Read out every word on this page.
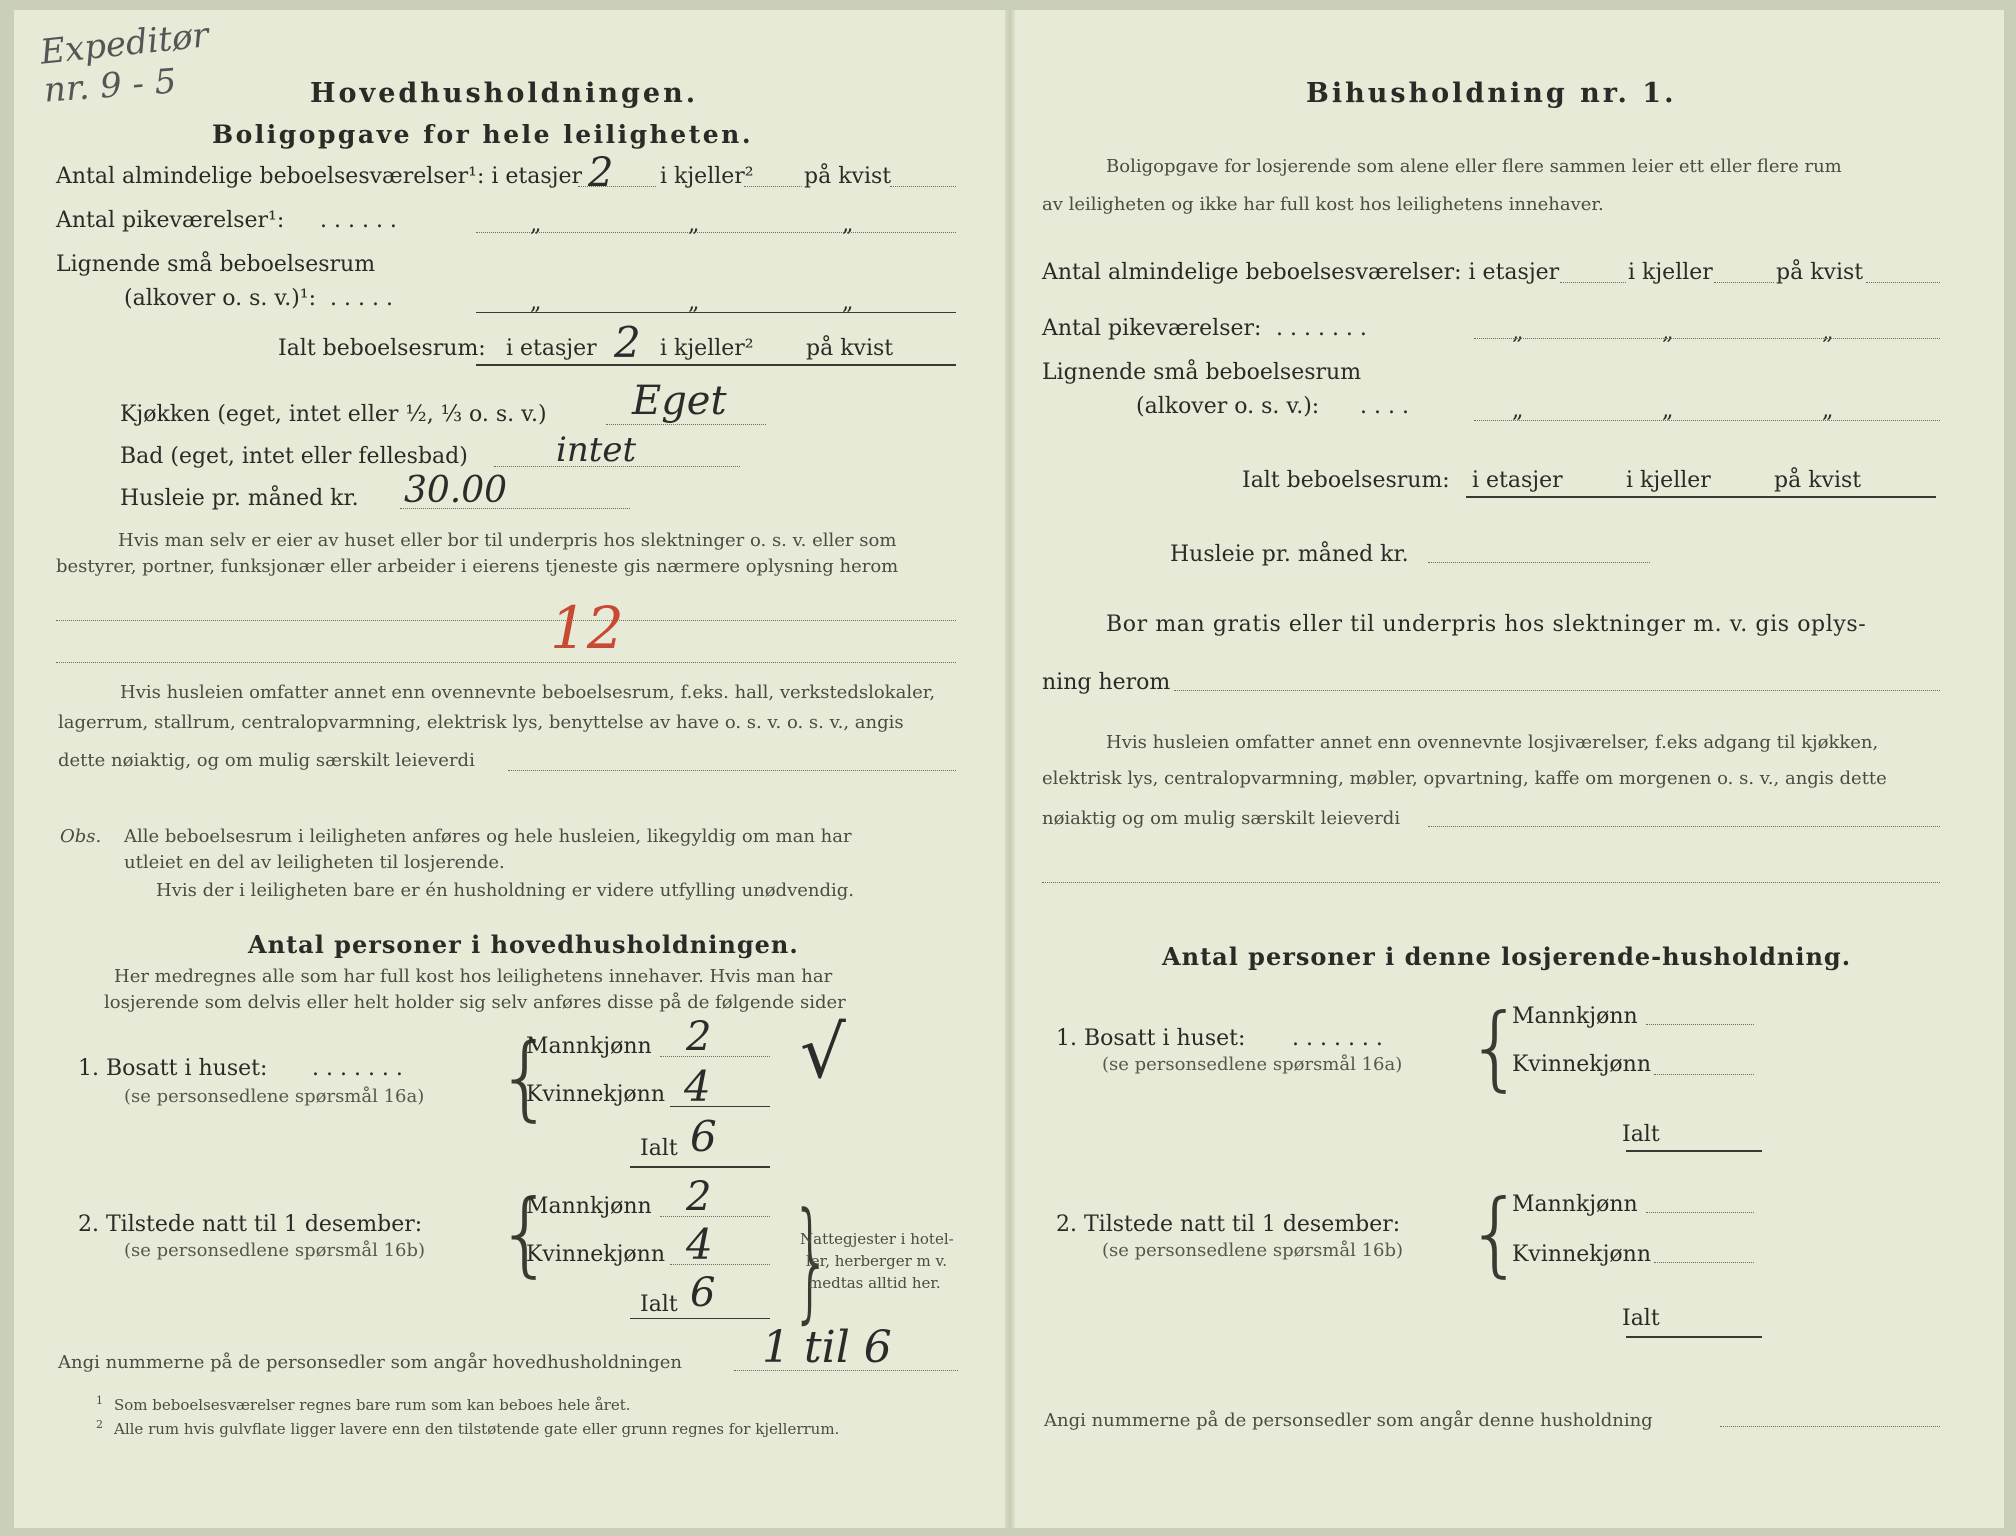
Expeditør
nr. 9 - 5	Hovedhusholdningen.
Boligopgave for hele leiligheten.
Antal almindelige beboelsesværelser¹: i etasjer 2 i kjeller² på kvist
Antal pikeværelser¹: . . . . . .	„	„	„
Lignende små beboelsesrum
(alkover o. s. v.)¹: . . . . .	„	„	„
Ialt beboelsesrum: i etasjer 2 i kjeller² på kvist
Kjøkken (eget, intet eller ½, ⅓ o. s. v.) Eget
Bad (eget, intet eller fellesbad)	intet
Husleie pr. måned kr. 30.00
Hvis man selv er eier av huset eller bor til underpris hos slektninger o. s. v. eller som
bestyrer, portner, funksjonær eller arbeider i eierens tjeneste gis nærmere oplysning herom
12
Hvis husleien omfatter annet enn ovennevnte beboelsesrum, f.eks. hall, verkstedslokaler,
lagerrum, stallrum, centralopvarmning, elektrisk lys, benyttelse av have o. s. v. o. s. v., angis
dette nøiaktig, og om mulig særskilt leieverdi
Obs. Alle beboelsesrum i leiligheten anføres og hele husleien, likegyldig om man har
utleiet en del av leiligheten til losjerende.
Hvis der i leiligheten bare er én husholdning er videre utfylling unødvendig.
Antal personer i hovedhusholdningen.
Her medregnes alle som har full kost hos leilighetens innehaver. Hvis man har
losjerende som delvis eller helt holder sig selv anføres disse på de følgende sider
1. Bosatt i huset: . . . . . . .
(se personsedlene spørsmål 16a) {
Mannkjønn 2
Kvinnekjønn 4 √
Ialt 6
2. Tilstede natt til 1 desember:
(se personsedlene spørsmål 16b) {
Mannkjønn 2
Kvinnekjønn 4
Ialt 6 }
Nattegjester i hotel-
ler, herberger m v.
medtas alltid her.
Angi nummerne på de personsedler som angår hovedhusholdningen 1 til 6
1 Som beboelsesværelser regnes bare rum som kan beboes hele året.
2 Alle rum hvis gulvflate ligger lavere enn den tilstøtende gate eller grunn regnes for kjellerrum.
Bihusholdning nr. 1.
Boligopgave for losjerende som alene eller flere sammen leier ett eller flere rum
av leiligheten og ikke har full kost hos leilighetens innehaver.
Antal almindelige beboelsesværelser: i etasjer	i kjeller	på kvist
Antal pikeværelser: . . . . . . .	„	„	„
Lignende små beboelsesrum
(alkover o. s. v.): . . . .	„	„	„
Ialt beboelsesrum: i etasjer	i kjeller	på kvist
Husleie pr. måned kr.
Bor man gratis eller til underpris hos slektninger m. v. gis oplys-
ning herom
Hvis husleien omfatter annet enn ovennevnte losjiværelser, f.eks adgang til kjøkken,
elektrisk lys, centralopvarmning, møbler, opvartning, kaffe om morgenen o. s. v., angis dette
nøiaktig og om mulig særskilt leieverdi
Antal personer i denne losjerende-husholdning.
1. Bosatt i huset: . . . . . . .
(se personsedlene spørsmål 16a) {
Mannkjønn
Kvinnekjønn
Ialt
2. Tilstede natt til 1 desember:
(se personsedlene spørsmål 16b) {
Mannkjønn
Kvinnekjønn
Ialt
Angi nummerne på de personsedler som angår denne husholdning
